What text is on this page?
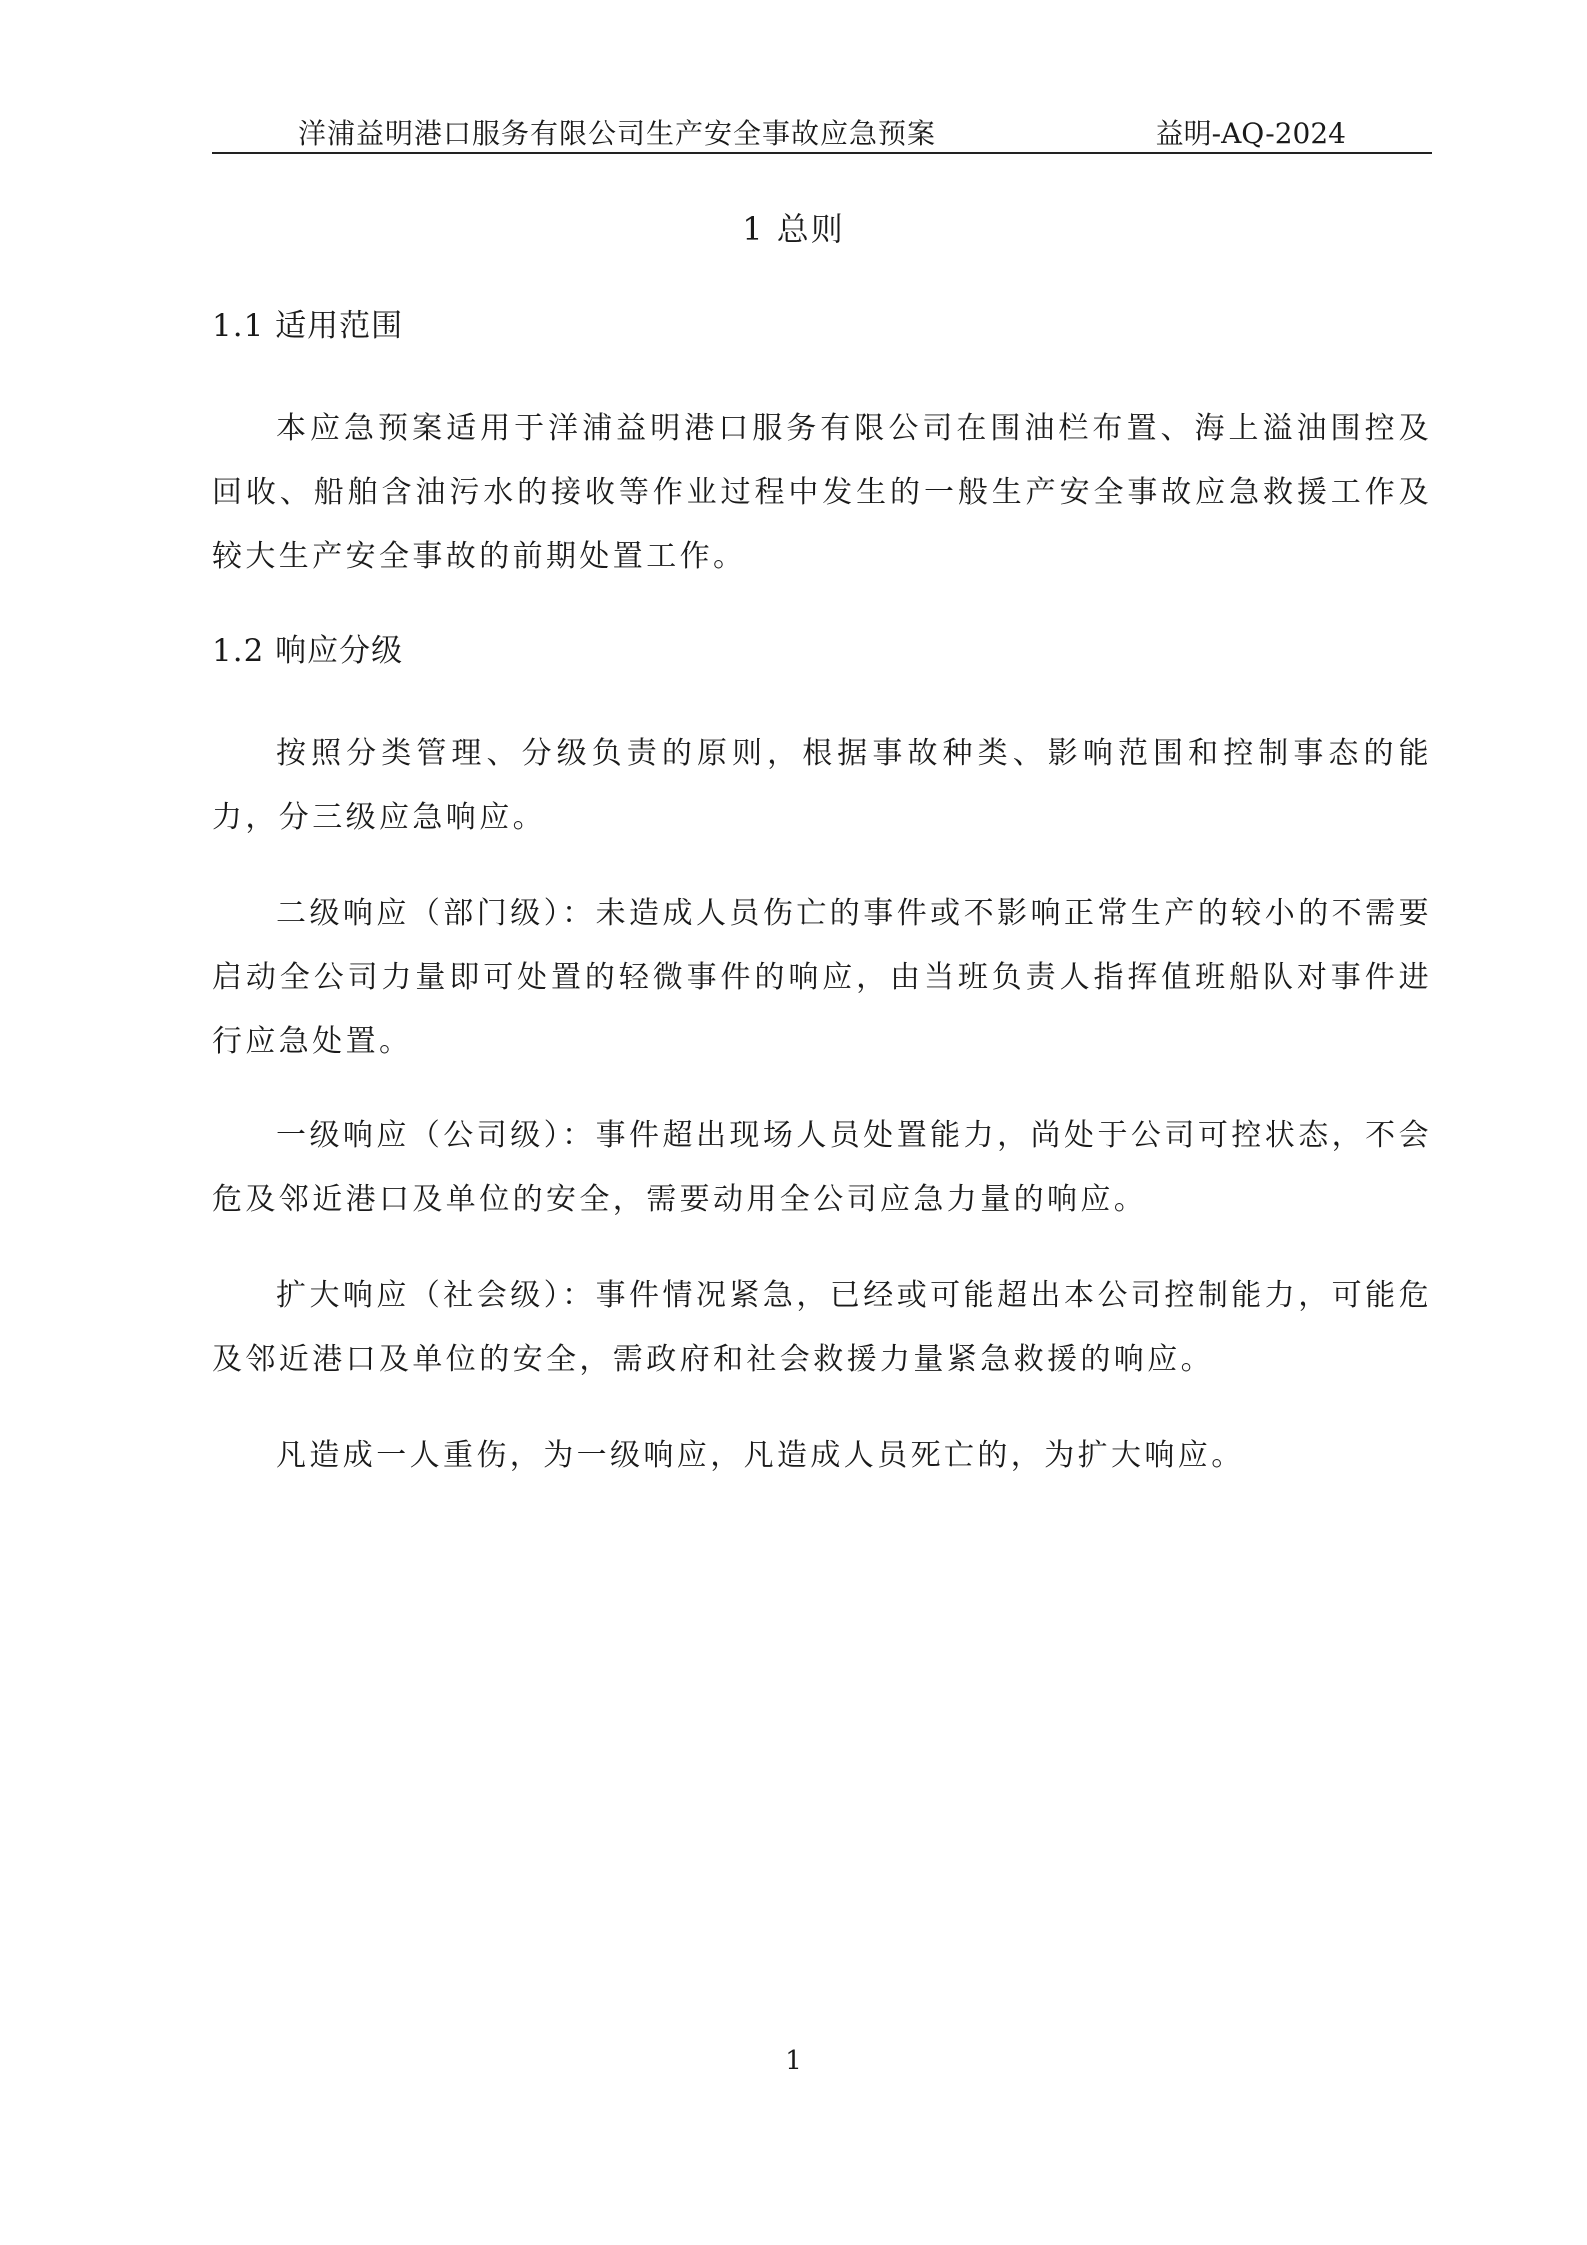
洋浦益明港口服务有限公司生产安全事故应急预案	益明-AQ-2024
1 总则
1.1 适用范围

本应急预案适用于洋浦益明港口服务有限公司在围油栏布置、海上溢油围控及回收、船舶含油污水的接收等作业过程中发生的一般生产安全事故应急救援工作及较大生产安全事故的前期处置工作。

1.2 响应分级

按照分类管理、分级负责的原则，根据事故种类、影响范围和控制事态的能力，分三级应急响应。

二级响应（部门级）：未造成人员伤亡的事件或不影响正常生产的较小的不需要启动全公司力量即可处置的轻微事件的响应，由当班负责人指挥值班船队对事件进行应急处置。

一级响应（公司级）：事件超出现场人员处置能力，尚处于公司可控状态，不会危及邻近港口及单位的安全，需要动用全公司应急力量的响应。

扩大响应（社会级）：事件情况紧急，已经或可能超出本公司控制能力，可能危及邻近港口及单位的安全，需政府和社会救援力量紧急救援的响应。

凡造成一人重伤，为一级响应，凡造成人员死亡的，为扩大响应。

1
